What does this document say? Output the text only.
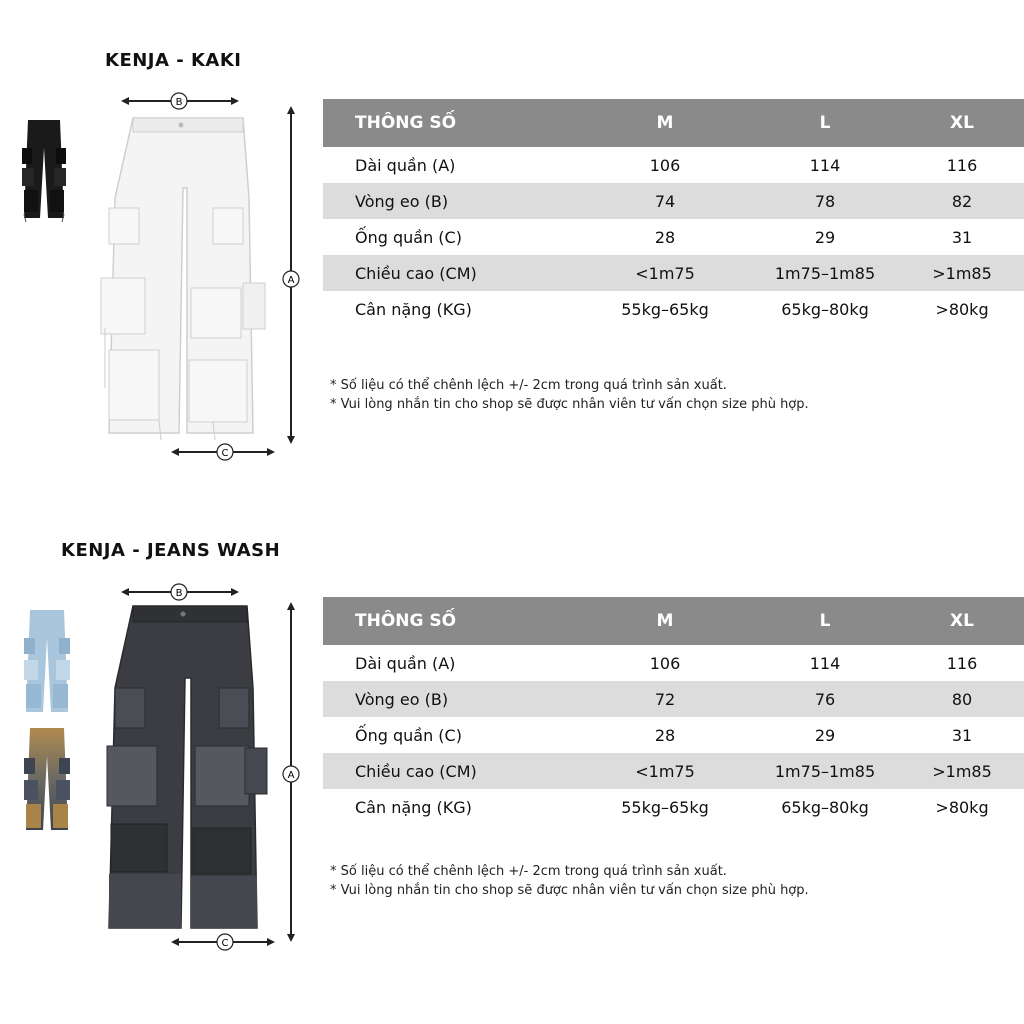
KENJA - KAKI
B
A
C
THÔNG SỐ	M	L	XL
Dài quần (A)	106	114	116
Vòng eo (B)	74	78	82
Ống quần (C)	28	29	31
Chiều cao (CM)	<1m75	1m75–1m85	>1m85
Cân nặng (KG)	55kg–65kg	65kg–80kg	>80kg
* Số liệu có thể chênh lệch +/- 2cm trong quá trình sản xuất.
* Vui lòng nhắn tin cho shop sẽ được nhân viên tư vấn chọn size phù hợp.
KENJA - JEANS WASH
B
A
C
THÔNG SỐ	M	L	XL
Dài quần (A)	106	114	116
Vòng eo (B)	72	76	80
Ống quần (C)	28	29	31
Chiều cao (CM)	<1m75	1m75–1m85	>1m85
Cân nặng (KG)	55kg–65kg	65kg–80kg	>80kg
* Số liệu có thể chênh lệch +/- 2cm trong quá trình sản xuất.
* Vui lòng nhắn tin cho shop sẽ được nhân viên tư vấn chọn size phù hợp.
